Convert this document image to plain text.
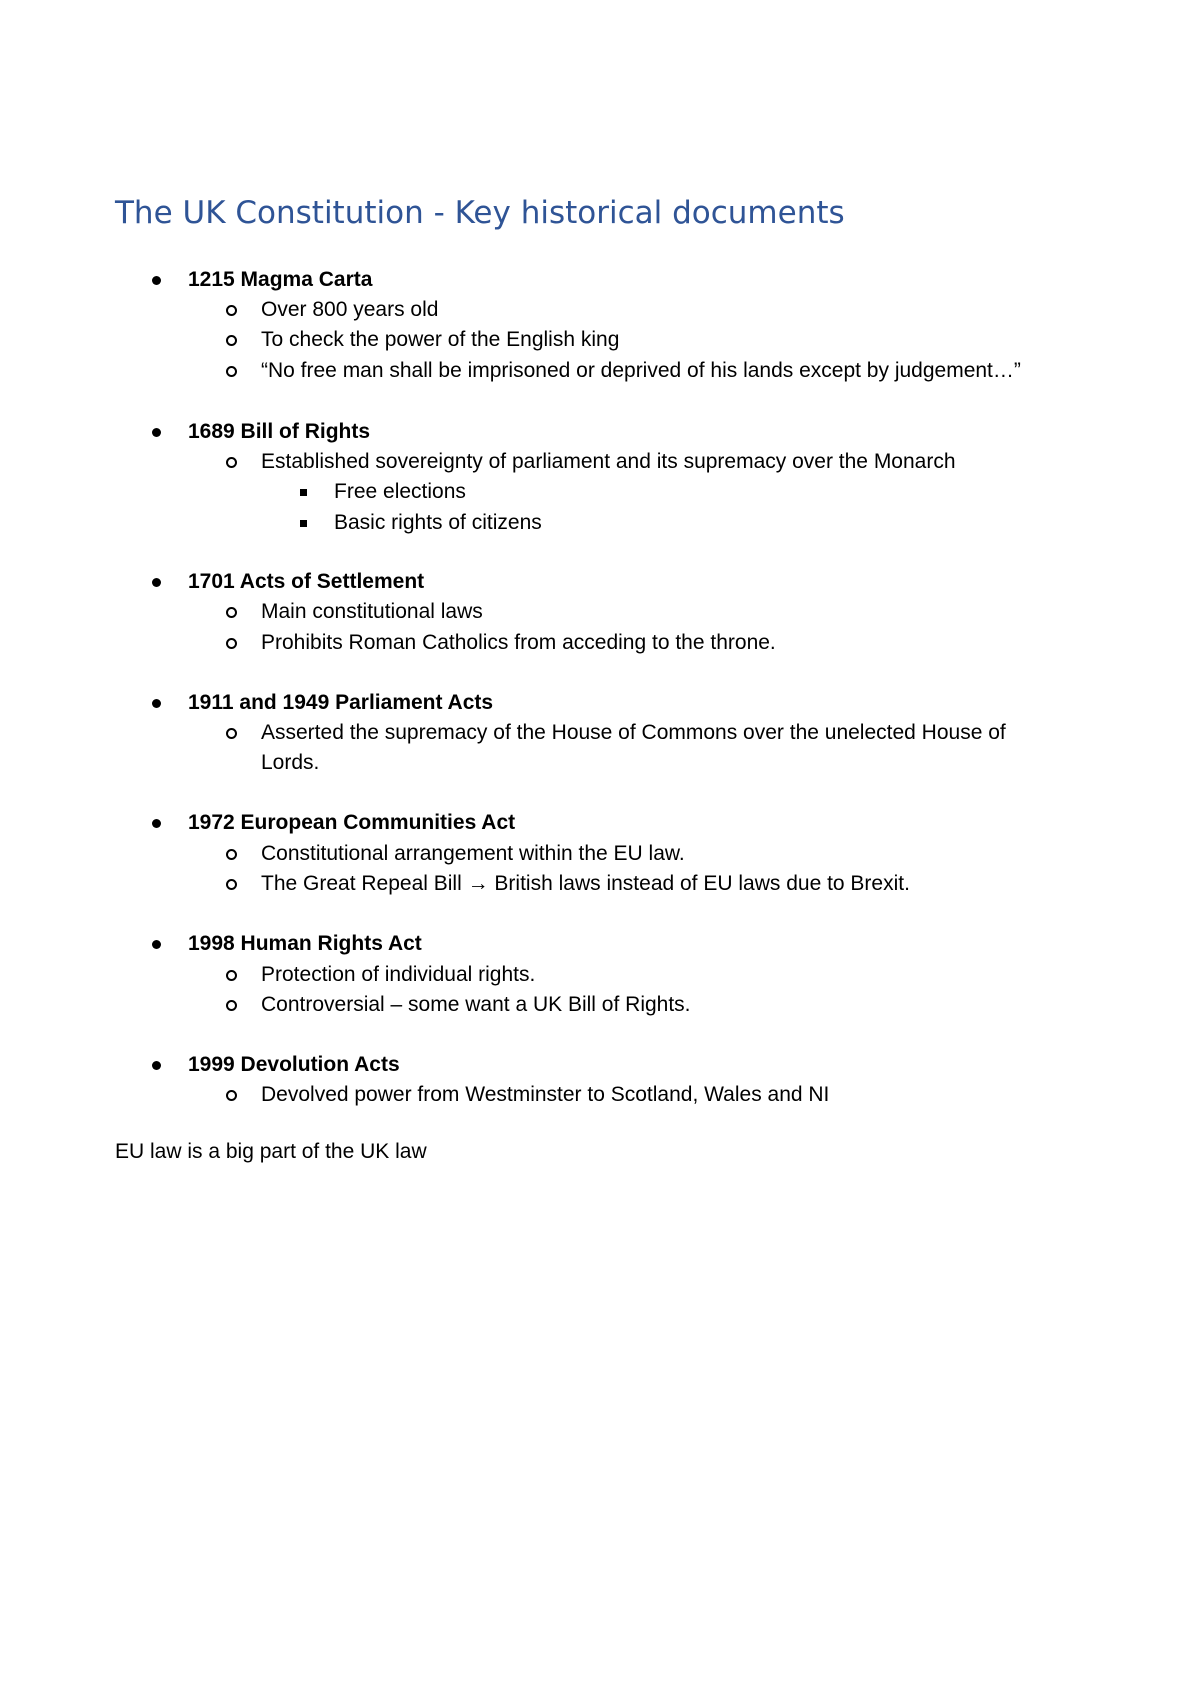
The UK Constitution - Key historical documents
1215 Magma Carta
Over 800 years old
To check the power of the English king
“No free man shall be imprisoned or deprived of his lands except by judgement…”
1689 Bill of Rights
Established sovereignty of parliament and its supremacy over the Monarch
Free elections
Basic rights of citizens
1701 Acts of Settlement
Main constitutional laws
Prohibits Roman Catholics from acceding to the throne.
1911 and 1949 Parliament Acts
Asserted the supremacy of the House of Commons over the unelected House of
Lords.
1972 European Communities Act
Constitutional arrangement within the EU law.
The Great Repeal Bill → British laws instead of EU laws due to Brexit.
1998 Human Rights Act
Protection of individual rights.
Controversial – some want a UK Bill of Rights.
1999 Devolution Acts
Devolved power from Westminster to Scotland, Wales and NI
EU law is a big part of the UK law
